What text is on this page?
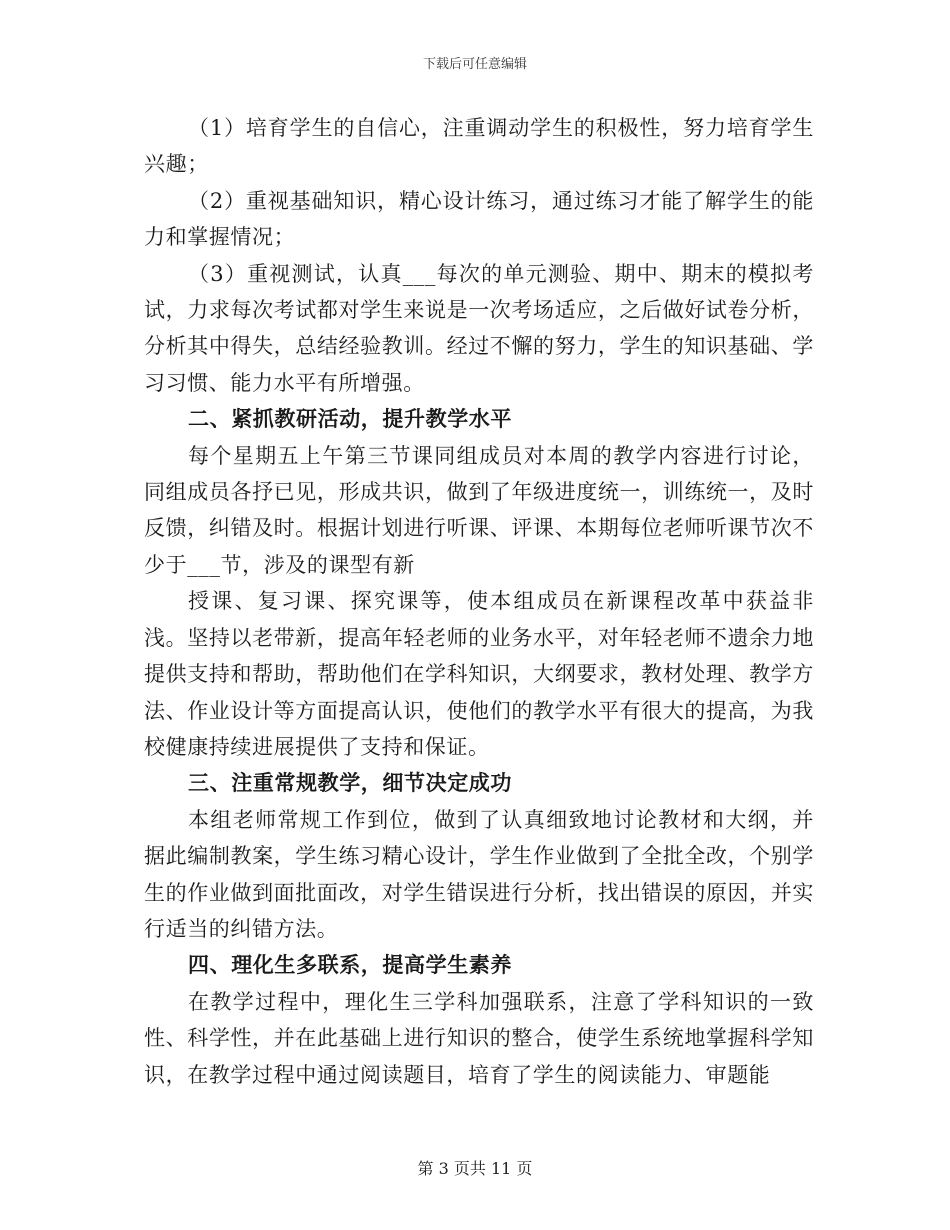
下载后可任意编辑

（1）培育学生的自信心，注重调动学生的积极性，努力培育学生兴趣；

（2）重视基础知识，精心设计练习，通过练习才能了解学生的能力和掌握情况；

（3）重视测试，认真___每次的单元测验、期中、期末的模拟考试，力求每次考试都对学生来说是一次考场适应，之后做好试卷分析，分析其中得失，总结经验教训。经过不懈的努力，学生的知识基础、学习习惯、能力水平有所增强。

二、紧抓教研活动，提升教学水平

每个星期五上午第三节课同组成员对本周的教学内容进行讨论，同组成员各抒已见，形成共识，做到了年级进度统一，训练统一，及时反馈，纠错及时。根据计划进行听课、评课、本期每位老师听课节次不少于___节，涉及的课型有新

授课、复习课、探究课等，使本组成员在新课程改革中获益非浅。坚持以老带新，提高年轻老师的业务水平，对年轻老师不遗余力地提供支持和帮助，帮助他们在学科知识，大纲要求，教材处理、教学方法、作业设计等方面提高认识，使他们的教学水平有很大的提高，为我校健康持续进展提供了支持和保证。

三、注重常规教学，细节决定成功

本组老师常规工作到位，做到了认真细致地讨论教材和大纲，并据此编制教案，学生练习精心设计，学生作业做到了全批全改，个别学生的作业做到面批面改，对学生错误进行分析，找出错误的原因，并实行适当的纠错方法。

四、理化生多联系，提高学生素养

在教学过程中，理化生三学科加强联系，注意了学科知识的一致性、科学性，并在此基础上进行知识的整合，使学生系统地掌握科学知识，在教学过程中通过阅读题目，培育了学生的阅读能力、审题能

第 3 页共 11 页
